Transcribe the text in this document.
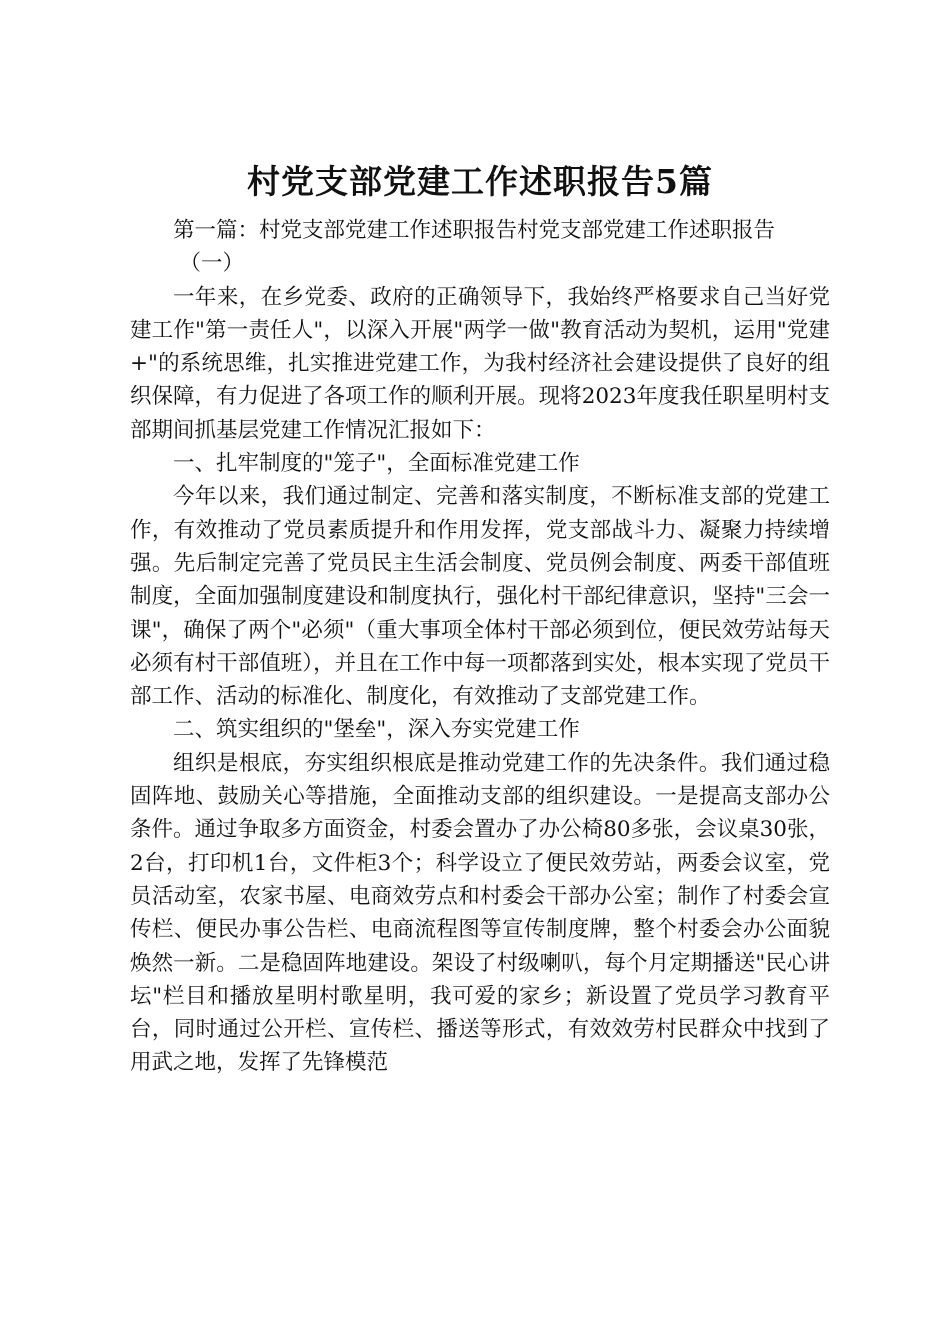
村党支部党建工作述职报告5篇

第一篇：村党支部党建工作述职报告村党支部党建工作述职报告

（一）

一年来，在乡党委、政府的正确领导下，我始终严格要求自己当好党建工作"第一责任人"，以深入开展"两学一做"教育活动为契机，运用"党建+"的系统思维，扎实推进党建工作，为我村经济社会建设提供了良好的组织保障，有力促进了各项工作的顺利开展。现将2023年度我任职星明村支部期间抓基层党建工作情况汇报如下：

一、扎牢制度的"笼子"，全面标准党建工作

今年以来，我们通过制定、完善和落实制度，不断标准支部的党建工作，有效推动了党员素质提升和作用发挥，党支部战斗力、凝聚力持续增强。先后制定完善了党员民主生活会制度、党员例会制度、两委干部值班制度，全面加强制度建设和制度执行，强化村干部纪律意识，坚持"三会一课"，确保了两个"必须"（重大事项全体村干部必须到位，便民效劳站每天必须有村干部值班），并且在工作中每一项都落到实处，根本实现了党员干部工作、活动的标准化、制度化，有效推动了支部党建工作。

二、筑实组织的"堡垒"，深入夯实党建工作

组织是根底，夯实组织根底是推动党建工作的先决条件。我们通过稳固阵地、鼓励关心等措施，全面推动支部的组织建设。一是提高支部办公条件。通过争取多方面资金，村委会置办了办公椅80多张，会议桌30张，2台，打印机1台，文件柜3个；科学设立了便民效劳站，两委会议室，党员活动室，农家书屋、电商效劳点和村委会干部办公室；制作了村委会宣传栏、便民办事公告栏、电商流程图等宣传制度牌，整个村委会办公面貌焕然一新。二是稳固阵地建设。架设了村级喇叭，每个月定期播送"民心讲坛"栏目和播放星明村歌星明，我可爱的家乡；新设置了党员学习教育平台，同时通过公开栏、宣传栏、播送等形式，有效效劳村民群众中找到了用武之地，发挥了先锋模范
